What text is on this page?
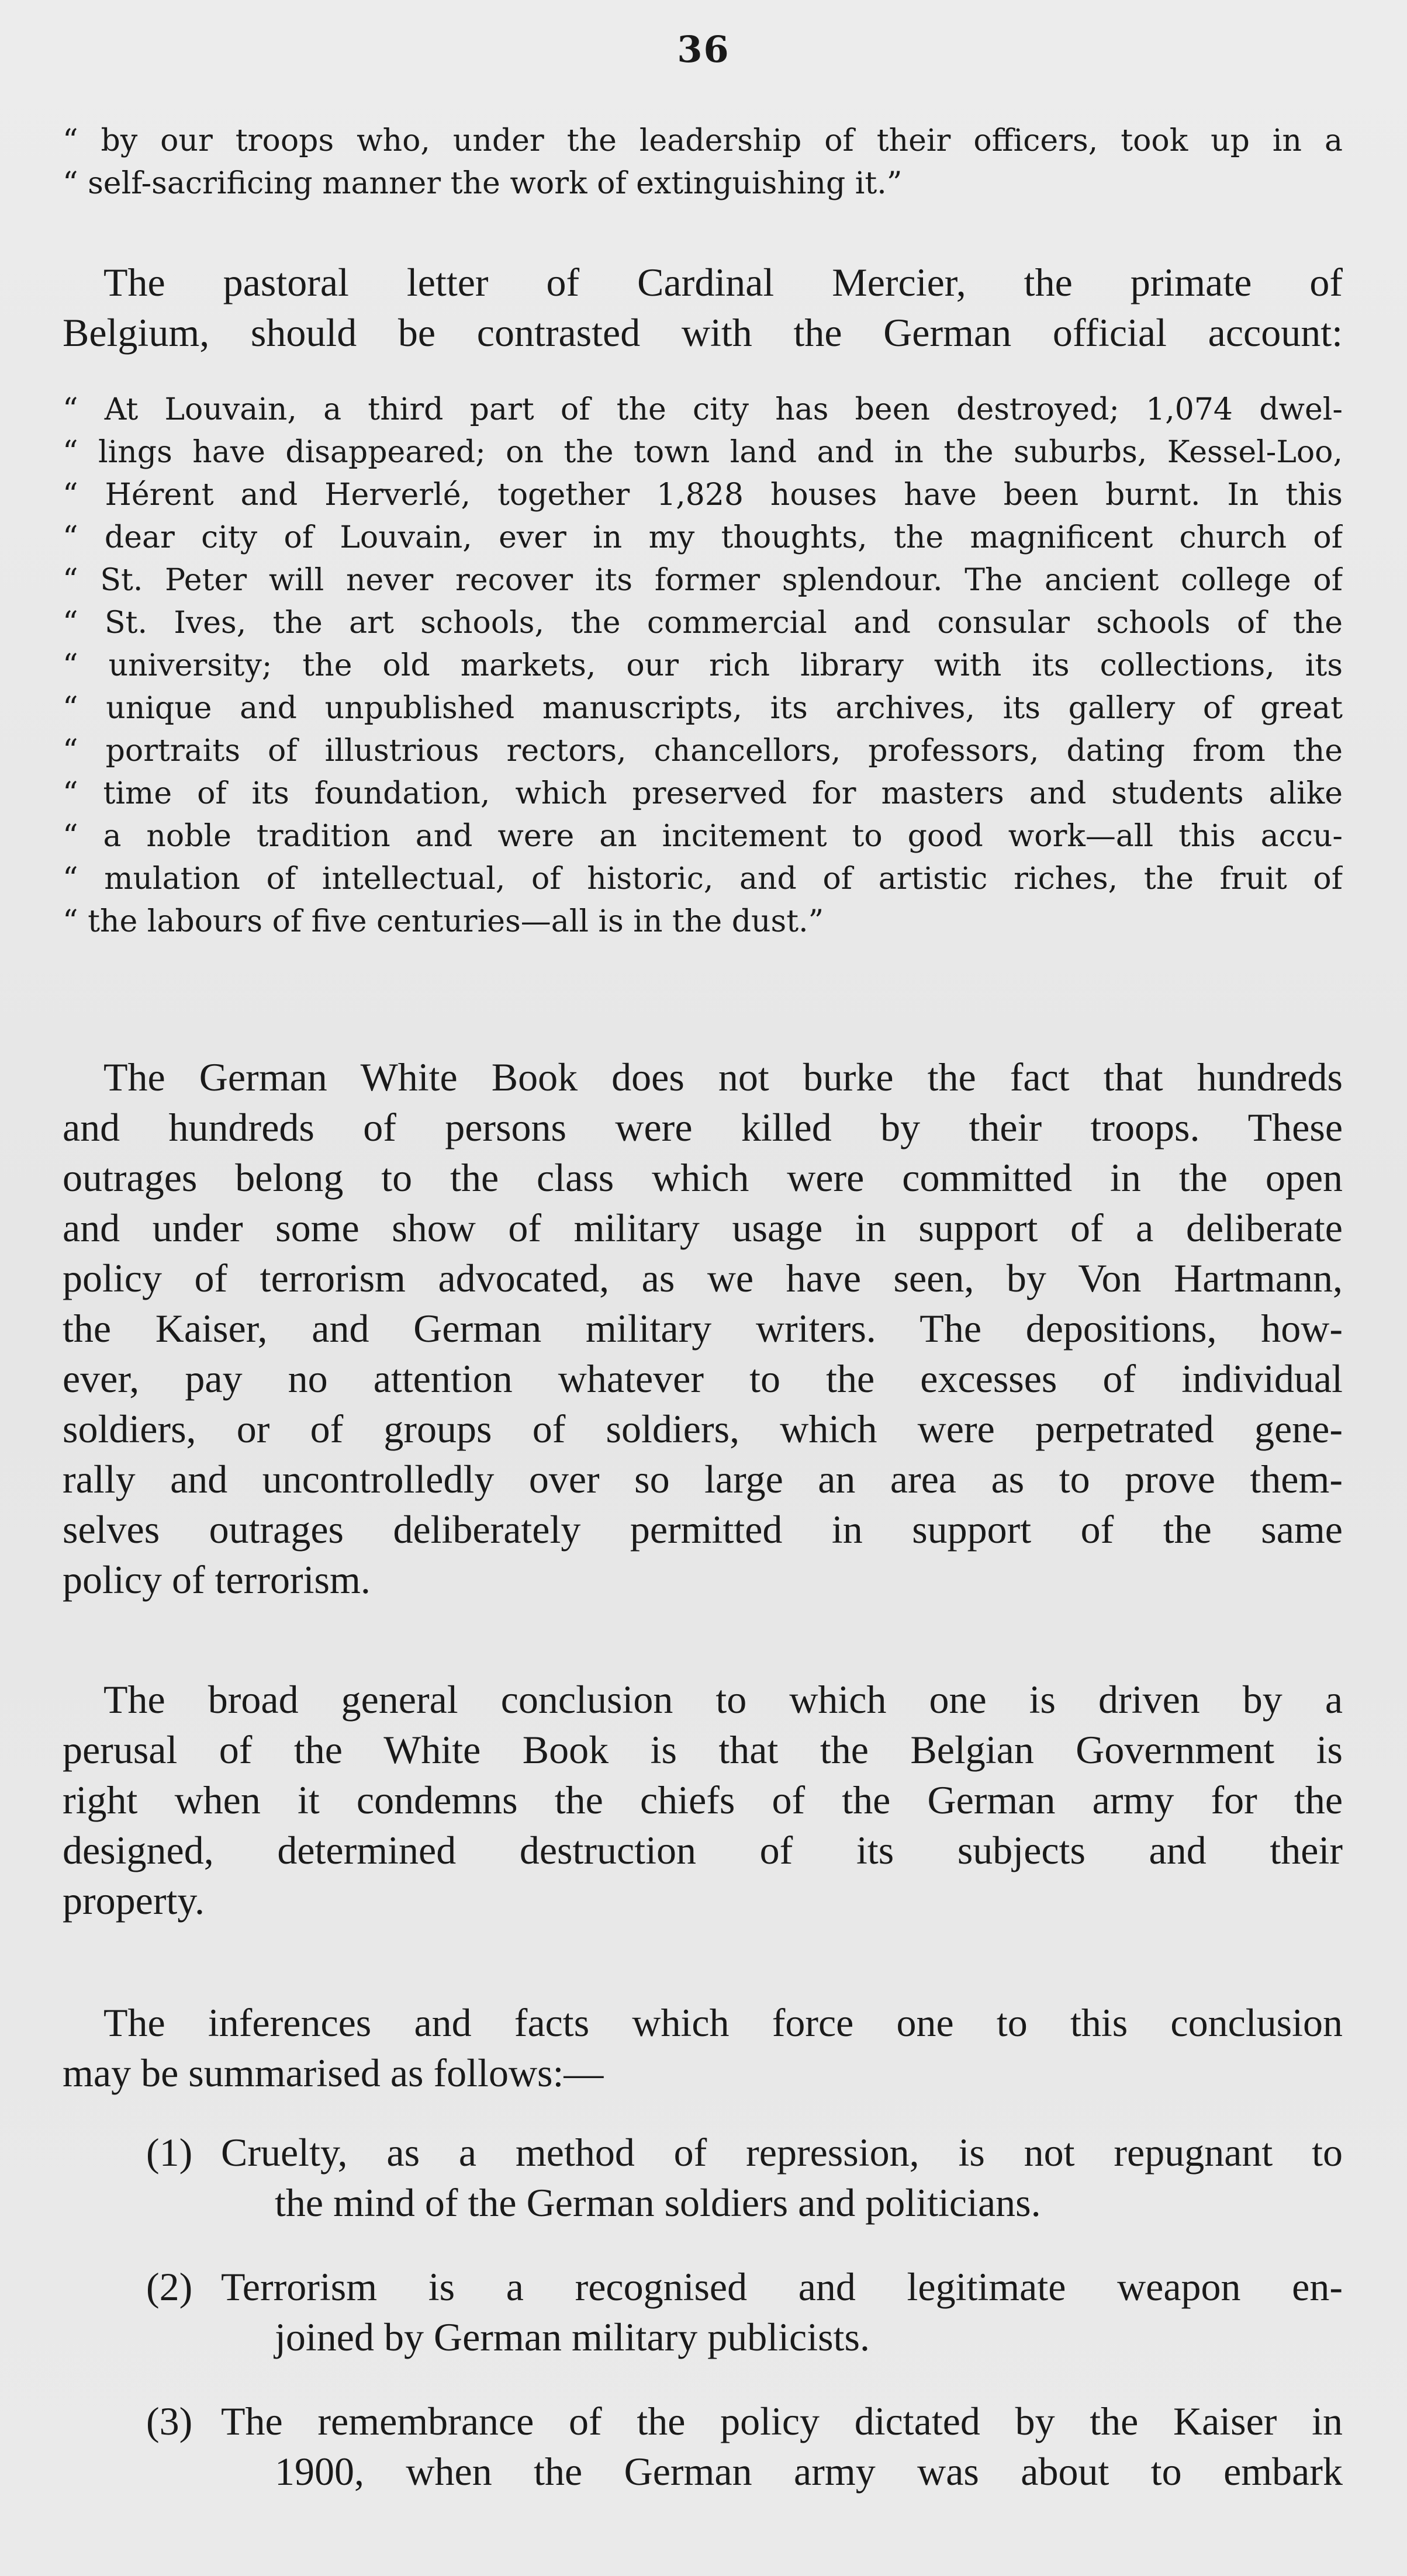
36
“ by our troops who, under the leadership of their officers, took up in a
“ self-sacrificing manner the work of extinguishing it.”
The pastoral letter of Cardinal Mercier, the primate of
Belgium, should be contrasted with the German official account:
“ At Louvain, a third part of the city has been destroyed; 1,074 dwel-
“ lings have disappeared; on the town land and in the suburbs, Kessel-Loo,
“ Hérent and Herverlé, together 1,828 houses have been burnt. In this
“ dear city of Louvain, ever in my thoughts, the magnificent church of
“ St. Peter will never recover its former splendour. The ancient college of
“ St. Ives, the art schools, the commercial and consular schools of the
“ university; the old markets, our rich library with its collections, its
“ unique and unpublished manuscripts, its archives, its gallery of great
“ portraits of illustrious rectors, chancellors, professors, dating from the
“ time of its foundation, which preserved for masters and students alike
“ a noble tradition and were an incitement to good work—all this accu-
“ mulation of intellectual, of historic, and of artistic riches, the fruit of
“ the labours of five centuries—all is in the dust.”
The German White Book does not burke the fact that hundreds
and hundreds of persons were killed by their troops. These
outrages belong to the class which were committed in the open
and under some show of military usage in support of a deliberate
policy of terrorism advocated, as we have seen, by Von Hartmann,
the Kaiser, and German military writers. The depositions, how-
ever, pay no attention whatever to the excesses of individual
soldiers, or of groups of soldiers, which were perpetrated gene-
rally and uncontrolledly over so large an area as to prove them-
selves outrages deliberately permitted in support of the same
policy of terrorism.
The broad general conclusion to which one is driven by a
perusal of the White Book is that the Belgian Government is
right when it condemns the chiefs of the German army for the
designed, determined destruction of its subjects and their
property.
The inferences and facts which force one to this conclusion
may be summarised as follows:—
(1) Cruelty, as a method of repression, is not repugnant to
the mind of the German soldiers and politicians.
(2) Terrorism is a recognised and legitimate weapon en-
joined by German military publicists.
(3) The remembrance of the policy dictated by the Kaiser in
1900, when the German army was about to embark
